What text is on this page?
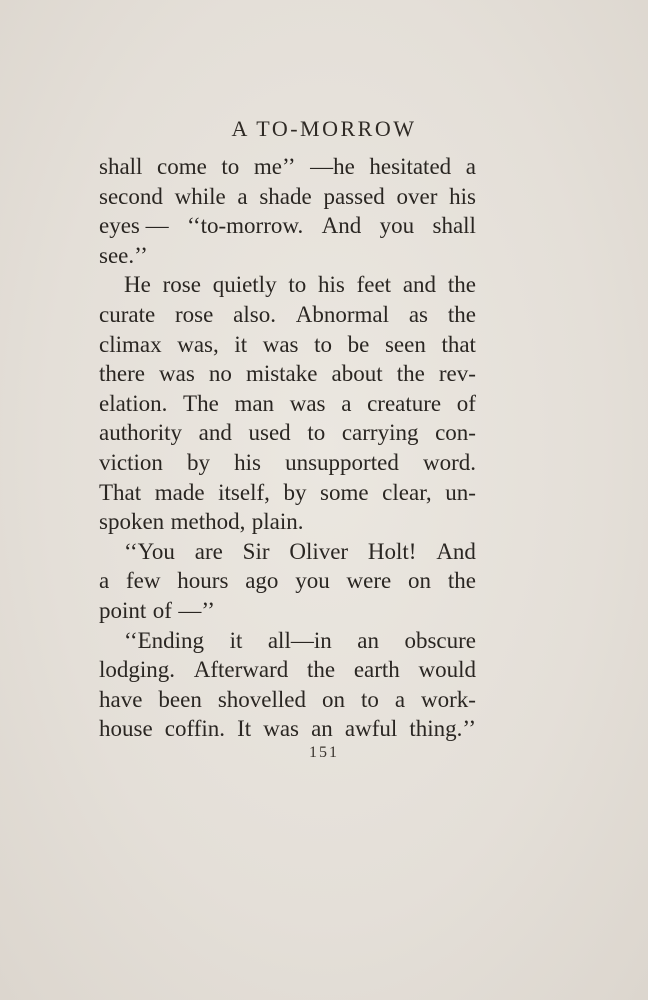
A TO-MORROW
shall come to me’’ —he hesitated a
second while a shade passed over his
eyes — ‘‘to-morrow. And you shall
see.’’
He rose quietly to his feet and the
curate rose also. Abnormal as the
climax was, it was to be seen that
there was no mistake about the rev-
elation. The man was a creature of
authority and used to carrying con-
viction by his unsupported word.
That made itself, by some clear, un-
spoken method, plain.
‘‘You are Sir Oliver Holt! And
a few hours ago you were on the
point of —’’
‘‘Ending it all—in an obscure
lodging. Afterward the earth would
have been shovelled on to a work-
house coffin. It was an awful thing.’’
151
